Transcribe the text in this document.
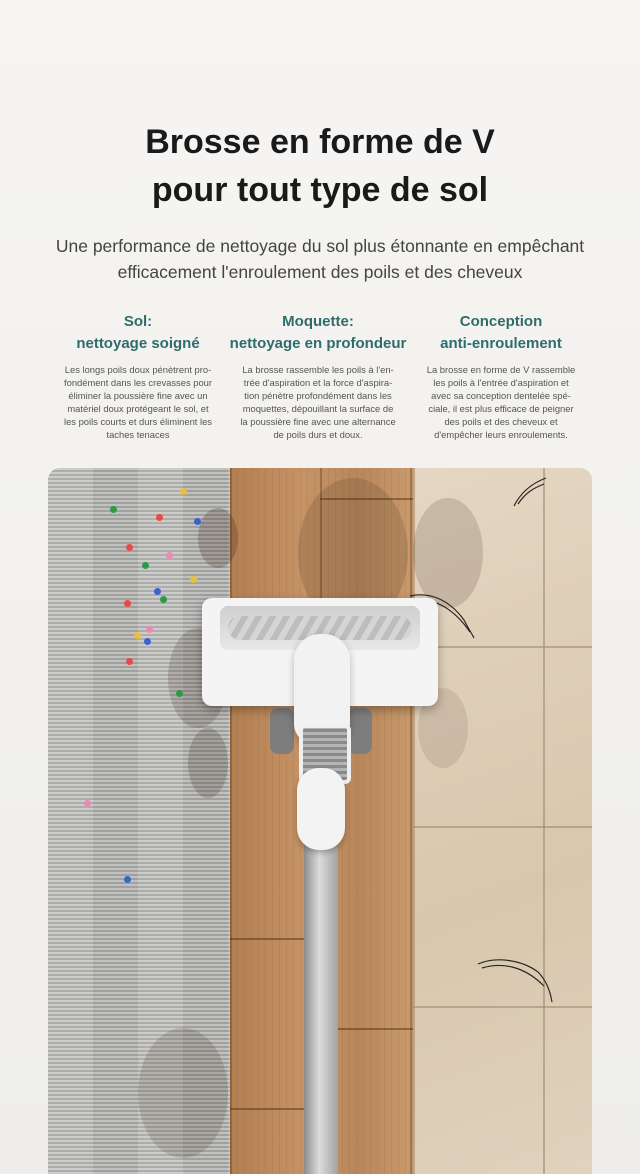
Brosse en forme de V
pour tout type de sol

Une performance de nettoyage du sol plus étonnante en empêchant
efficacement l'enroulement des poils et des cheveux

Sol:
nettoyage soigné

Les longs poils doux pénètrent pro-
fondément dans les crevasses pour
éliminer la poussière fine avec un
matériel doux protégeant le sol, et
les poils courts et durs éliminent les
taches tenaces

Moquette:
nettoyage en profondeur

La brosse rassemble les poils à l'en-
trée d'aspiration et la force d'aspira-
tion pénètre profondément dans les
moquettes, dépouillant la surface de
la poussière fine avec une alternance
de poils durs et doux.

Conception
anti-enroulement

La brosse en forme de V rassemble
les poils à l'entrée d'aspiration et
avec sa conception dentelée spé-
ciale, il est plus efficace de peigner
des poils et des cheveux et
d'empêcher leurs enroulements.
